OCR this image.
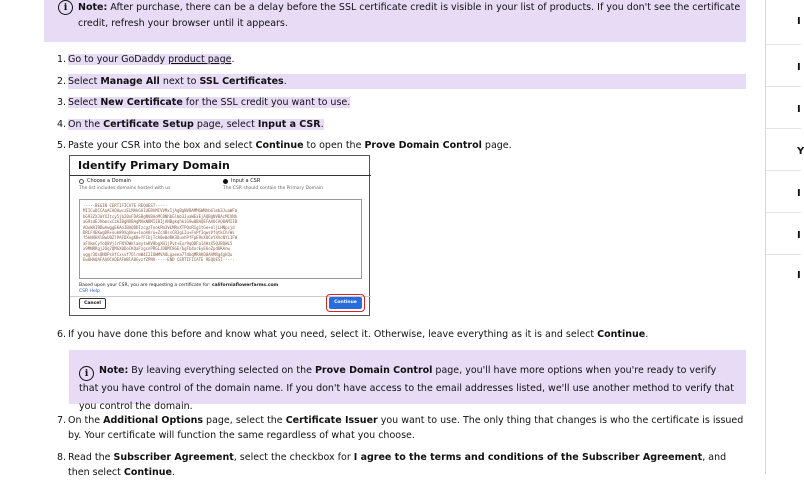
i	Note: After purchase, there can be a delay before the SSL certificate credit is visible in your list of products. If you don't see the certificate credit, refresh your browser until it appears.
1. Go to your GoDaddy product page.
2. Select Manage All next to SSL Certificates.
3. Select New Certificate for the SSL credit you want to use.
4. On the Certificate Setup page, select Input a CSR.
5. Paste your CSR into the box and select Continue to open the Prove Domain Control page.
6. If you have done this before and know what you need, select it. Otherwise, leave everything as it is and select Continue.
7. On the Additional Options page, select the Certificate Issuer you want to use. The only thing that changes is who the certificate is issued by. Your certificate will function the same regardless of what you choose.
8. Read the Subscriber Agreement, select the checkbox for I agree to the terms and conditions of the Subscriber Agreement, and then select Continue.
Identify Primary Domain
Choose a Domain
The list includes domains hosted with us
Input a CSR
The CSR should contain the Primary Domain
-----BEGIN CERTIFICATE REQUEST-----
MIICuDCCAaACAQAwczELMAkGA1UEBhMCVVMxIjAgBgNVBAMMGWNhbGlmb3JuaWFm
bG93ZXJmYXJtcy5jb20xFDASBgNVBAoMC0NhbGlmb3JuaWExEjAQBgNVBAcMCVNh
aG9zdEJhbmsxCzAJBgNVBAgMAkNBMIIBIjANBgkqhkiG9w0BAQEFAAOCAQ8AMIIB
AQoWAIBDwAwggEKAoIBAQDDIzcgzTookPm3VLMRvXTPQoRIg1tGe+nljLHNpcjd
DRLF4EKwgDR+ouk89Xqhkw+1ooA8/u+Zc48ssCR3gL2u+FnPfIqwsVfqtkCh/Ws
f5kNXHXlBwU0ZlPAFDXvgKB+YFCbjTcA0e0dRK3UunhPfFpE9nXOCeYXVcNYL1FW
aFXkmCyYoQ8VjirFNYDWklaeytaKV9bgXH1jPvt+Exr9qQDFa14HzX5QJBQWL5
x9MNRRgjJOq7QMGX0DoCKQaFzgcnPRGLJDBMC8GE/bgFb4orEyE6oZpd6KAnw
uggr3OsQNOPsXfCxsvf7OlrmW4I2IOWMVAOLgaeea77dbqMRAKQ8AAMRg4gkQu
EwOHAQAFAAOCAQEAFW8lA8GvzfZPNV-----END CERTIFICATE REQUEST-----
Based upon your CSR, you are requesting a certificate for: californiaflowerfarms.com
CSR Help
Cancel	Continue
i Note: By leaving everything selected on the Prove Domain Control page, you'll have more options when you're ready to verify that you have control of the domain name. If you don't have access to the email addresses listed, we'll use another method to verify that you control the domain.
I
I
I
Y
I
I
I
